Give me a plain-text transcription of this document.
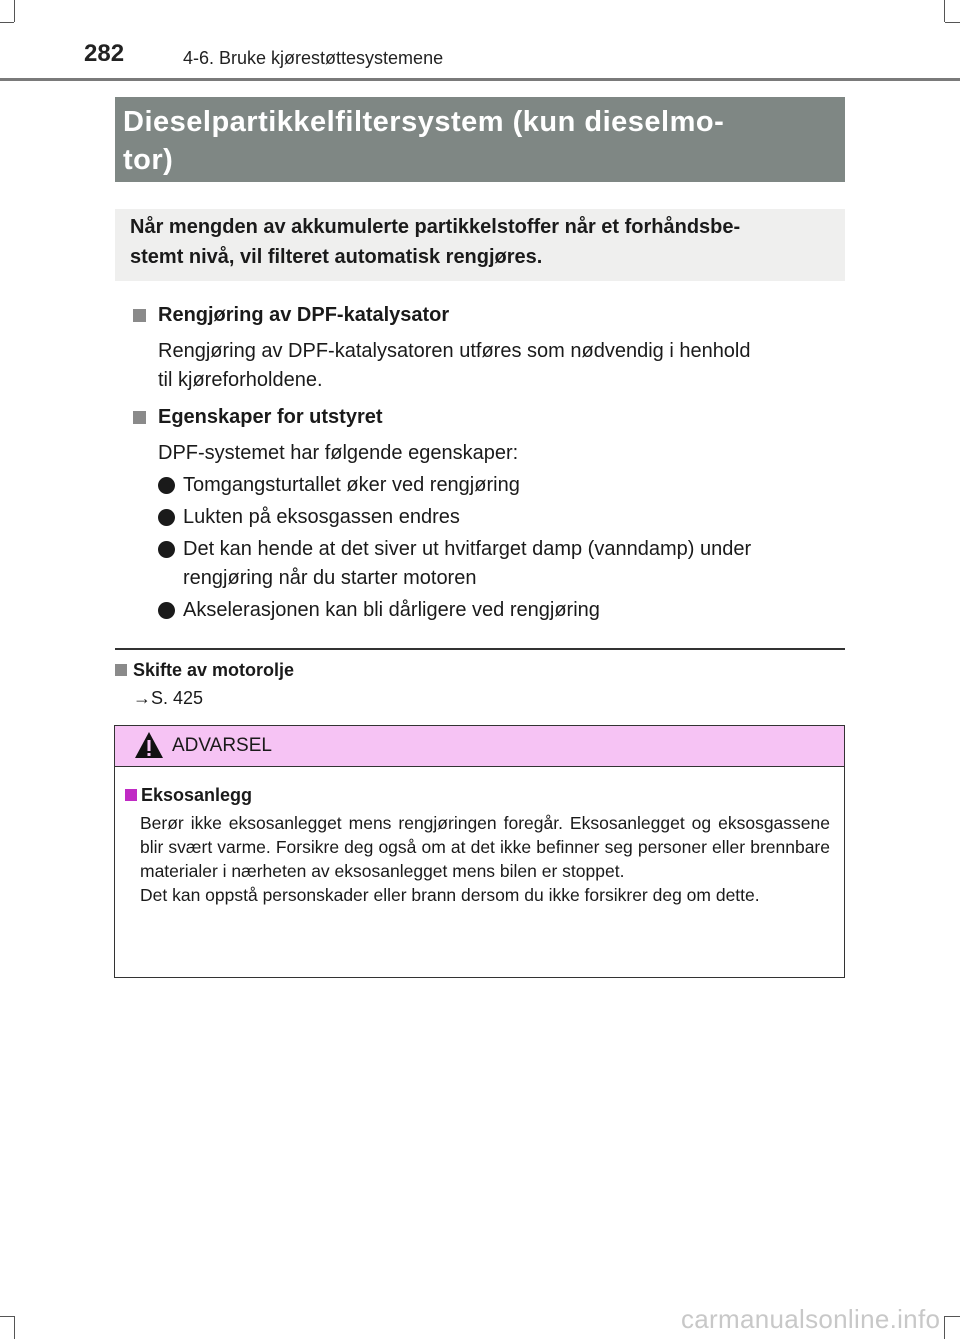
282	4-6. Bruke kjørestøttesystemene
Dieselpartikkelfiltersystem (kun dieselmo-
tor)
Når mengden av akkumulerte partikkelstoffer når et forhåndsbe-
stemt nivå, vil filteret automatisk rengjøres.
Rengjøring av DPF-katalysator
Rengjøring av DPF-katalysatoren utføres som nødvendig i henhold
til kjøreforholdene.
Egenskaper for utstyret
DPF-systemet har følgende egenskaper:
Tomgangsturtallet øker ved rengjøring
Lukten på eksosgassen endres
Det kan hende at det siver ut hvitfarget damp (vanndamp) under
rengjøring når du starter motoren
Akselerasjonen kan bli dårligere ved rengjøring
Skifte av motorolje
→S. 425
ADVARSEL
Eksosanlegg
Berør ikke eksosanlegget mens rengjøringen foregår. Eksosanlegget og eksosgassene blir svært varme. Forsikre deg også om at det ikke befinner seg personer eller brennbare materialer i nærheten av eksosanlegget mens bilen er stoppet.
Det kan oppstå personskader eller brann dersom du ikke forsikrer deg om dette.
carmanualsonline.info
